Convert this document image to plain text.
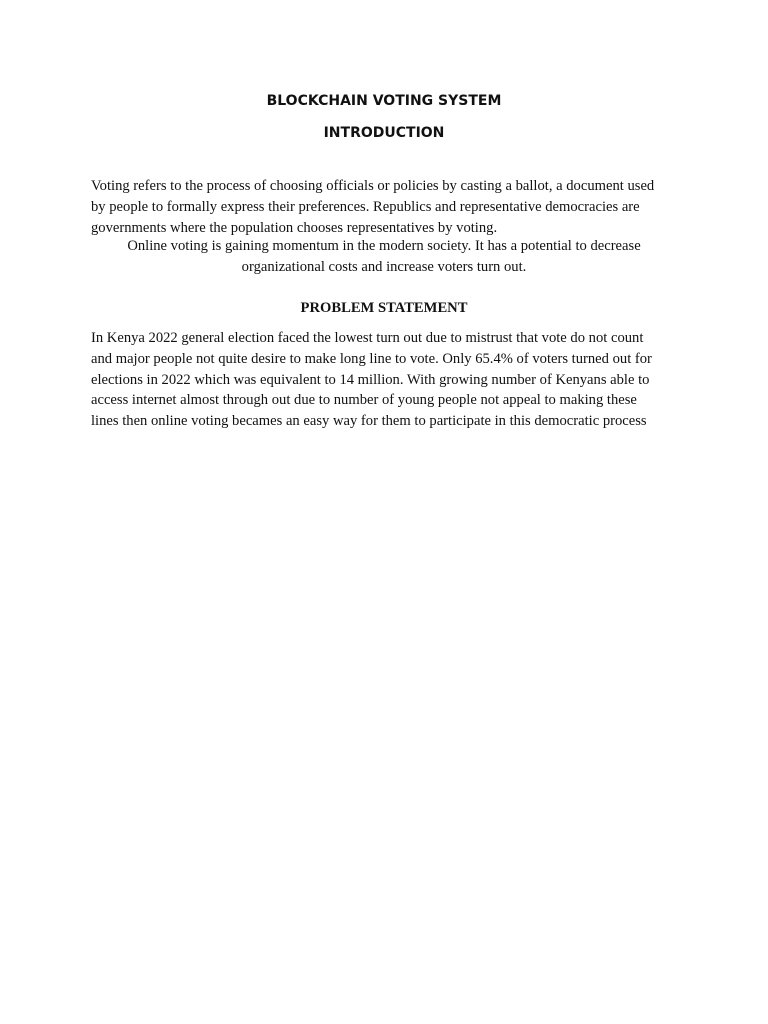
BLOCKCHAIN VOTING SYSTEM
INTRODUCTION
Voting refers to the process of choosing officials or policies by casting a ballot, a document used
by people to formally express their preferences. Republics and representative democracies are
governments where the population chooses representatives by voting.
Online voting is gaining momentum in the modern society. It has a potential to decrease
organizational costs and increase voters turn out.
PROBLEM STATEMENT
In Kenya 2022 general election faced the lowest turn out due to mistrust that vote do not count
and major people not quite desire to make long line to vote. Only 65.4% of voters turned out for
elections in 2022 which was equivalent to 14 million. With growing number of Kenyans able to
access internet almost through out due to number of young people not appeal to making these
lines then online voting becames an easy way for them to participate in this democratic process
